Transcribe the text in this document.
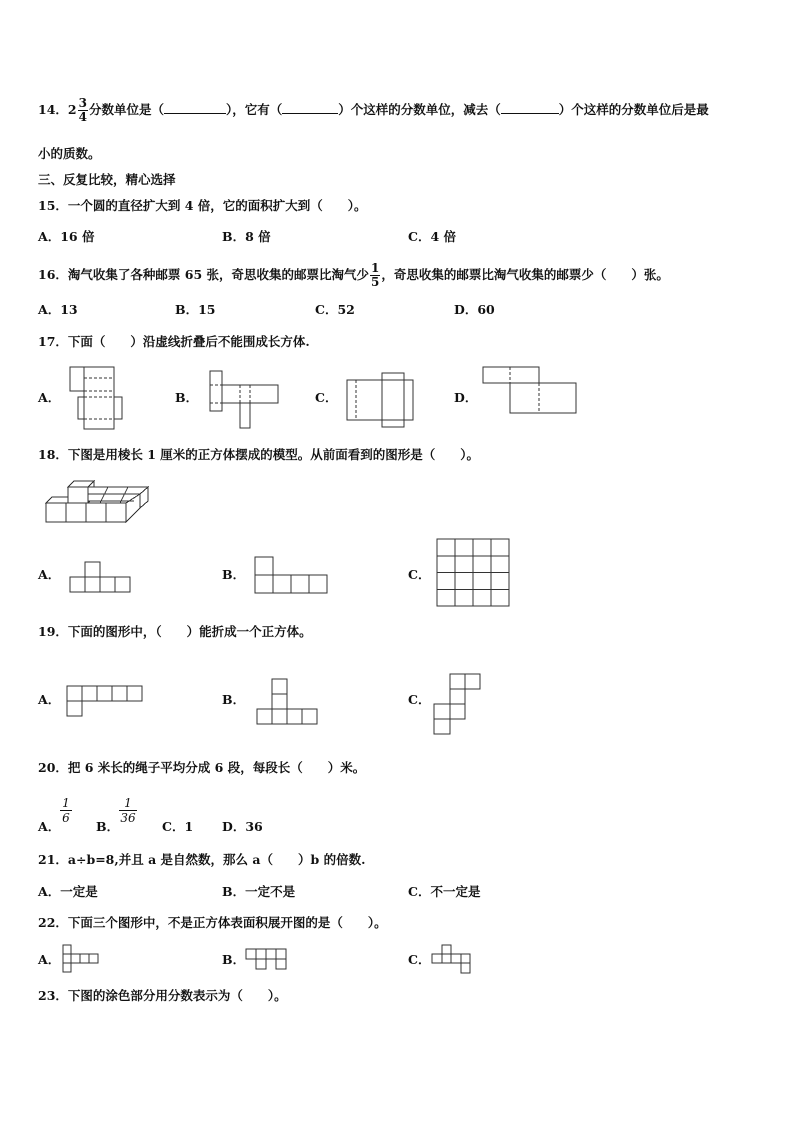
14．$2 \frac{3}{4}$ 分数单位是（	），它有（	）个这样的分数单位，减去（	）个这样的分数单位后是最
小的质数。
三、反复比较，精心选择
15．一个圆的直径扩大到 4 倍，它的面积扩大到（　　）。
A．16 倍	B．8 倍	C．4 倍
16．淘气收集了各种邮票 65 张，奇思收集的邮票比淘气少 $\frac{1}{5}$ ，奇思收集的邮票比淘气收集的邮票少（　　）张。
A．13	B．15	C．52	D．60
17．下面（　　）沿虚线折叠后不能围成长方体.
A．	B．	C．	D．
18．下图是用棱长 1 厘米的正方体摆成的模型。从前面看到的图形是（　　）。
A．	B．	C．
19．下面的图形中，（　　）能折成一个正方体。
A．	B．	C．
20．把 6 米长的绳子平均分成 6 段，每段长（　　）米。
A．
$\frac{1}{6}$
B．
$\frac{1}{36}$
C．1 D．36
21．a÷b=8,并且 a 是自然数，那么 a（　　）b 的倍数.
A．一定是	B．一定不是	C．不一定是
22．下面三个图形中，不是正方体表面积展开图的是（　　）。
A．	B．	C．
23．下图的涂色部分用分数表示为（　　）。
